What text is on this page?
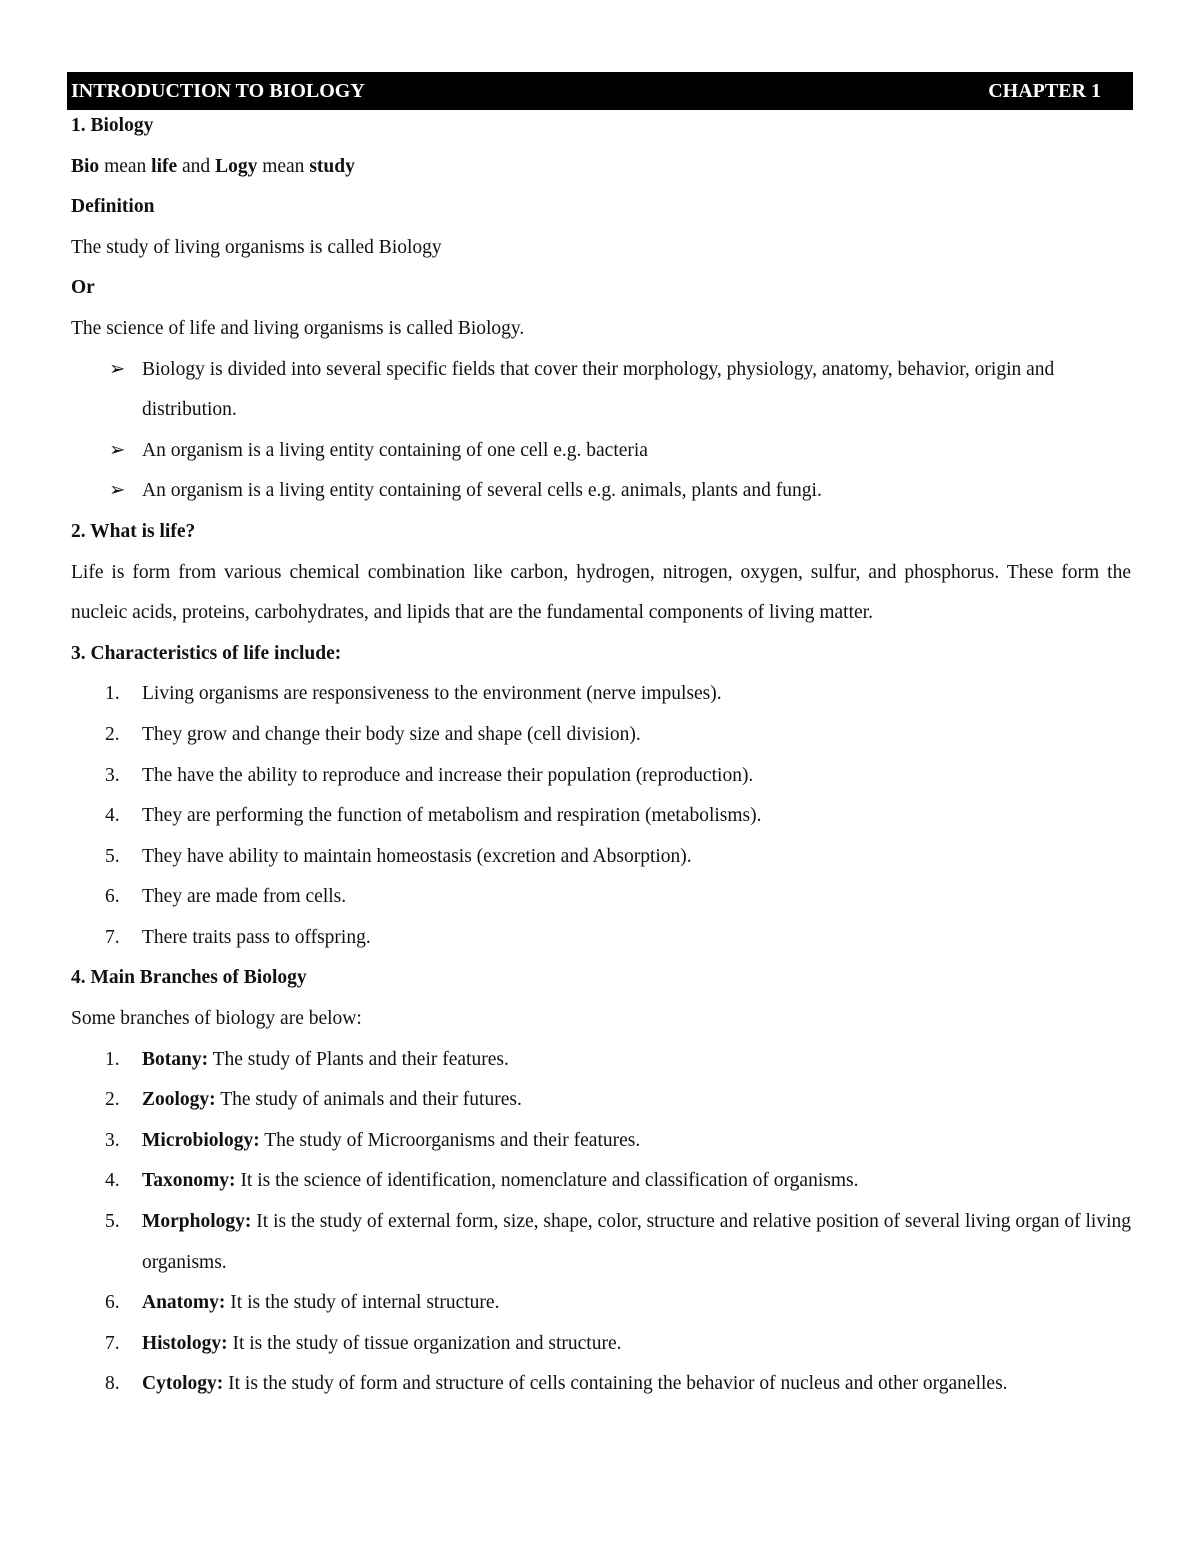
INTRODUCTION TO BIOLOGY	CHAPTER 1

1. Biology

Bio mean life and Logy mean study

Definition

The study of living organisms is called Biology

Or

The science of life and living organisms is called Biology.

➢ Biology is divided into several specific fields that cover their morphology, physiology, anatomy, behavior, origin and distribution.
➢ An organism is a living entity containing of one cell e.g. bacteria
➢ An organism is a living entity containing of several cells e.g. animals, plants and fungi.

2. What is life?

Life is form from various chemical combination like carbon, hydrogen, nitrogen, oxygen, sulfur, and phosphorus. These form the nucleic acids, proteins, carbohydrates, and lipids that are the fundamental components of living matter.

3. Characteristics of life include:

1. Living organisms are responsiveness to the environment (nerve impulses).
2. They grow and change their body size and shape (cell division).
3. The have the ability to reproduce and increase their population (reproduction).
4. They are performing the function of metabolism and respiration (metabolisms).
5. They have ability to maintain homeostasis (excretion and Absorption).
6. They are made from cells.
7. There traits pass to offspring.

4. Main Branches of Biology

Some branches of biology are below:

1. Botany: The study of Plants and their features.
2. Zoology: The study of animals and their futures.
3. Microbiology: The study of Microorganisms and their features.
4. Taxonomy: It is the science of identification, nomenclature and classification of organisms.
5. Morphology: It is the study of external form, size, shape, color, structure and relative position of several living organ of living organisms.
6. Anatomy: It is the study of internal structure.
7. Histology: It is the study of tissue organization and structure.
8. Cytology: It is the study of form and structure of cells containing the behavior of nucleus and other organelles.
